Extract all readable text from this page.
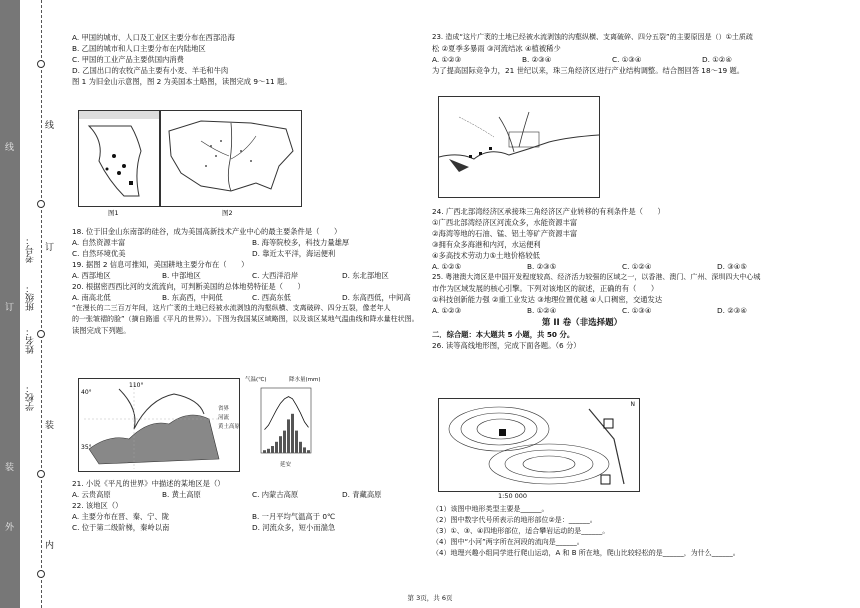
学校：
姓名：
班级：
考号：
线
订
装
线
订
装
外
内

A. 甲国的城市、人口及工业区主要分布在西部沿海

B. 乙国的城市和人口主要分布在内陆地区

C. 甲国的工业产品主要供国内消费

D. 乙国出口的农牧产品主要有小麦、羊毛和牛肉

图 1 为旧金山示意图，图 2 为美国本土略图，读图完成 9～11 题。

图1	图2

18. 位于旧金山东南部的硅谷，成为美国高新技术产业中心的最主要条件是（　　）

A. 自然资源丰富	B. 海等院校多，科技力量雄厚
C. 自然环境优美	D. 靠近太平洋，海运便利

19. 据图 2 信息可推知，美国耕地主要分布在（　　）

A. 西部地区	B. 中部地区	C. 大西洋沿岸	D. 东北部地区

20. 根据密西西比河的支流流向，可判断美国的总体地势特征是（　　）

A. 南高北低	B. 东高西，中间低	C. 西高东低	D. 东高西低，中间高

“在漫长的二三百万年间，这片广袤的土地已经被水流剥蚀的沟壑纵横、支离破碎、四分五裂，像老年人

的一张皱褶的脸”（摘自路遥《平凡的世界》）。下图为我国某区域略图，以及该区某地气温曲线和降水量柱状图。

读图完成下列题。

40°
35°
110°
省界
河流
黄土高原
气温(℃)	降水量(mm)
延安

21. 小说《平凡的世界》中描述的某地区是（）

A. 云贵高原	B. 黄土高原	C. 内蒙古高原	D. 青藏高原

22. 该地区（）

A. 主要分布在晋、秦、宁、陇	B. 一月平均气温高于 0℃
C. 位于第二级阶梯，秦岭以南	D. 河流众多，短小而湍急

23. 造成“这片广袤的土地已经被水流剥蚀的沟壑纵横、支离破碎、四分五裂”的主要原因是（）①土质疏

松 ②夏季多暴雨 ③河流结冰 ④植被稀少

A. ①②③	B. ②③④	C. ①③④	D. ①②④

为了提高国际竞争力，21 世纪以来，珠三角经济区进行产业结构调整。结合图回答 18～19 题。

24. 广西北部湾经济区承接珠三角经济区产业转移的有利条件是（　　）

①广西北部湾经济区河流众多，水能资源丰富

②海湾等地的石油、锰、铝土等矿产资源丰富

③拥有众多海港和内河，水运便利

④多高技术劳动力⑤土地价格较低

A. ①②⑤	B. ②③⑤	C. ①②④	D. ③④⑤

25. 粤港澳大湾区是中国开发程度较高、经济活力较强的区域之一，以香港、澳门、广州、深圳四大中心城

市作为区域发展的核心引擎。下列对该地区的叙述，正确的有（　　）

①科技创新能力强 ②重工业发达 ③地理位置优越 ④人口稠密，交通发达

A. ①②③	B. ①②④	C. ①③④	D. ②③④

第 II 卷（非选择题）

二．综合题：本大题共 5 小题，共 50 分。

26. 读等高线地形图，完成下面各题。（6 分）

N
1:50 000

（1）该图中地形类型主要是______。

（2）图中数字代号所表示的地形部位②是：______。

（3）①、③、④四地形部位，适合攀岩运动的是______。

（4）图中“小河”两字所在河段的流向是______。

（4）地理兴趣小组同学进行爬山运动，A 和 B 所在地，爬山比较轻松的是______，为什么______。

第 3页，共 6页
